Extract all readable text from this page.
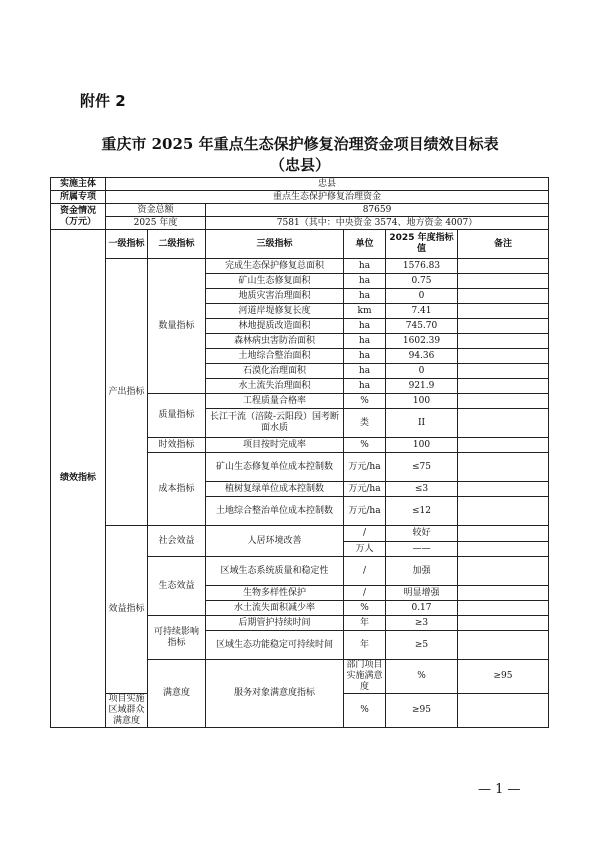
附件 2
重庆市 2025 年重点生态保护修复治理资金项目绩效目标表
（忠县）
实施主体	忠县						
所属专项	重点生态保护修复治理资金						
资金情况（万元）	资金总额		87659				
	2025 年度		7581（其中：中央资金 3574、地方资金 4007）				
绩效指标	一级指标	二级指标	三级指标	单位	2025 年度指标值	备注	
	产出指标	数量指标	完成生态保护修复总面积	ha	1576.83		
			矿山生态修复面积	ha	0.75		
			地质灾害治理面积	ha	0		
			河道岸堤修复长度	km	7.41		
			林地提质改造面积	ha	745.70		
			森林病虫害防治面积	ha	1602.39		
			土地综合整治面积	ha	94.36		
			石漠化治理面积	ha	0		
			水土流失治理面积	ha	921.9		
		质量指标	工程质量合格率	%	100		
			长江干流（涪陵-云阳段）国考断面水质	类	II		
		时效指标	项目按时完成率	%	100		
		成本指标	矿山生态修复单位成本控制数	万元/ha	≤75		
			植树复绿单位成本控制数	万元/ha	≤3		
			土地综合整治单位成本控制数	万元/ha	≤12		
	效益指标	社会效益	人居环境改善	/	较好		
				万人	——		
		生态效益	区域生态系统质量和稳定性	/	加强		
			生物多样性保护	/	明显增强		
			水土流失面积减少率	%	0.17		
		可持续影响指标	后期管护持续时间	年	≥3		
			区域生态功能稳定可持续时间	年	≥5		
		满意度	服务对象满意度指标	部门项目实施满意度	%	≥95	
	项目实施区域群众满意度			%	≥95		
— 1 —
